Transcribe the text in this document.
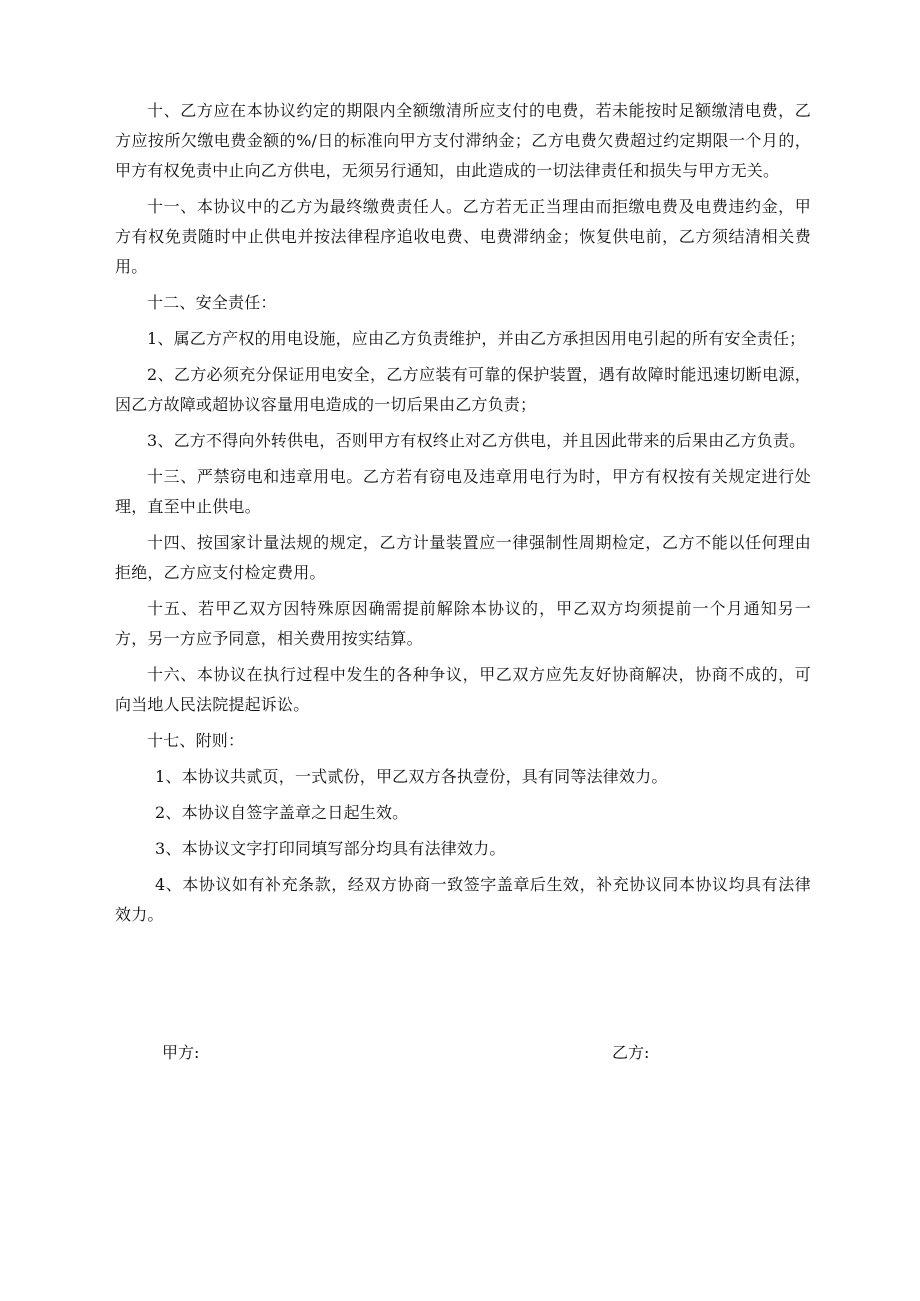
十、乙方应在本协议约定的期限内全额缴清所应支付的电费，若未能按时足额缴清电费，乙方应按所欠缴电费金额的%/日的标准向甲方支付滞纳金；乙方电费欠费超过约定期限一个月的，甲方有权免责中止向乙方供电，无须另行通知，由此造成的一切法律责任和损失与甲方无关。

十一、本协议中的乙方为最终缴费责任人。乙方若无正当理由而拒缴电费及电费违约金，甲方有权免责随时中止供电并按法律程序追收电费、电费滞纳金；恢复供电前，乙方须结清相关费用。

十二、安全责任：

1、属乙方产权的用电设施，应由乙方负责维护，并由乙方承担因用电引起的所有安全责任；

2、乙方必须充分保证用电安全，乙方应装有可靠的保护装置，遇有故障时能迅速切断电源，因乙方故障或超协议容量用电造成的一切后果由乙方负责；

3、乙方不得向外转供电，否则甲方有权终止对乙方供电，并且因此带来的后果由乙方负责。

十三、严禁窃电和违章用电。乙方若有窃电及违章用电行为时，甲方有权按有关规定进行处理，直至中止供电。

十四、按国家计量法规的规定，乙方计量装置应一律强制性周期检定，乙方不能以任何理由拒绝，乙方应支付检定费用。

十五、若甲乙双方因特殊原因确需提前解除本协议的，甲乙双方均须提前一个月通知另一方，另一方应予同意，相关费用按实结算。

十六、本协议在执行过程中发生的各种争议，甲乙双方应先友好协商解决，协商不成的，可向当地人民法院提起诉讼。

十七、附则：

1、本协议共贰页，一式贰份，甲乙双方各执壹份，具有同等法律效力。

2、本协议自签字盖章之日起生效。

3、本协议文字打印同填写部分均具有法律效力。

4、本协议如有补充条款，经双方协商一致签字盖章后生效，补充协议同本协议均具有法律效力。

甲方:	乙方:
